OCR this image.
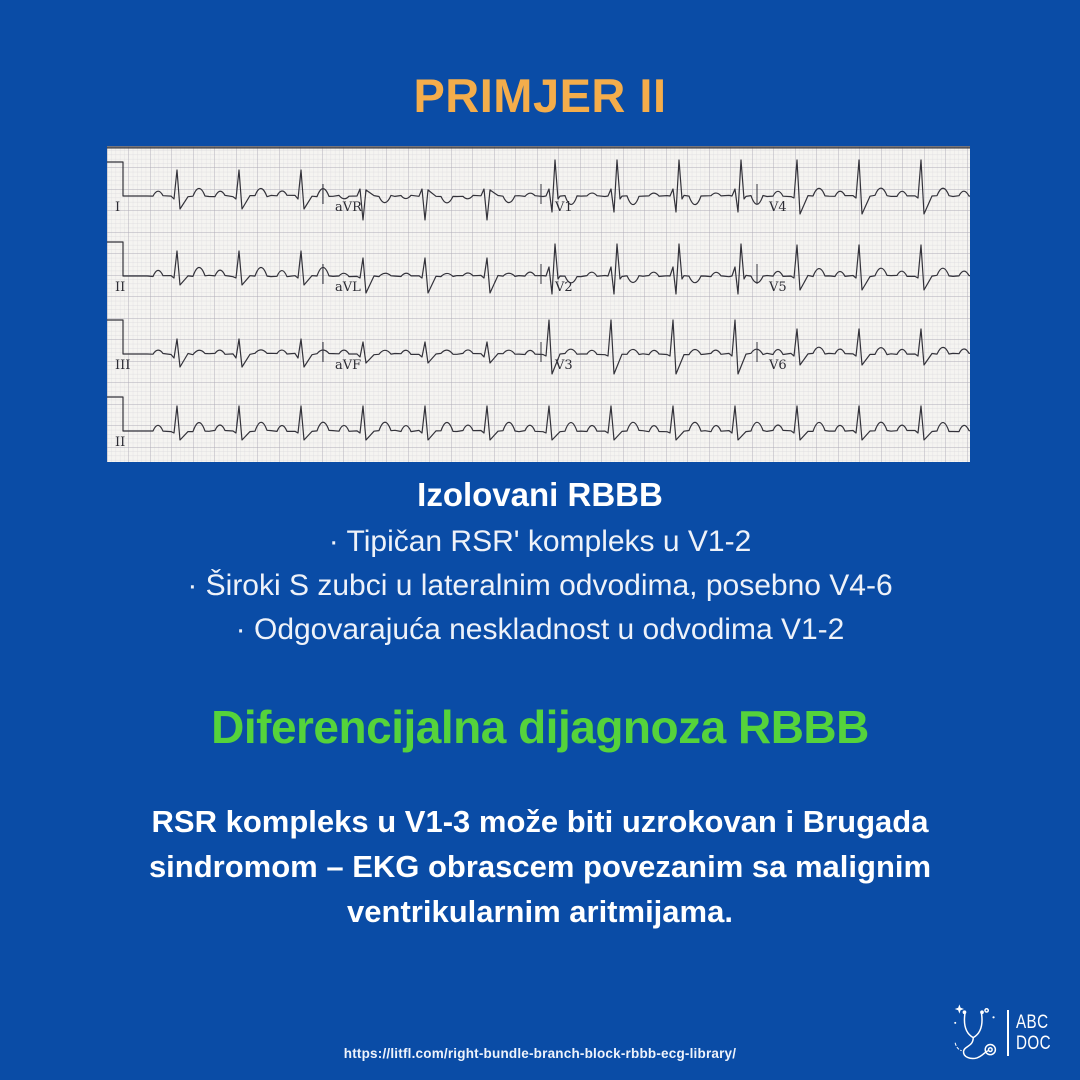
PRIMJER II
I	aVR	V1	V4
II	aVL	V2	V5
III	aVF	V3	V6
II
Izolovani RBBB
· Tipičan RSR' kompleks u V1-2
· Široki S zubci u lateralnim odvodima, posebno V4-6
· Odgovarajuća neskladnost u odvodima V1-2
Diferencijalna dijagnoza RBBB
RSR kompleks u V1-3 može biti uzrokovan i Brugada sindromom – EKG obrascem povezanim sa malignim ventrikularnim aritmijama.
https://litfl.com/right-bundle-branch-block-rbbb-ecg-library/
ABC
DOC
